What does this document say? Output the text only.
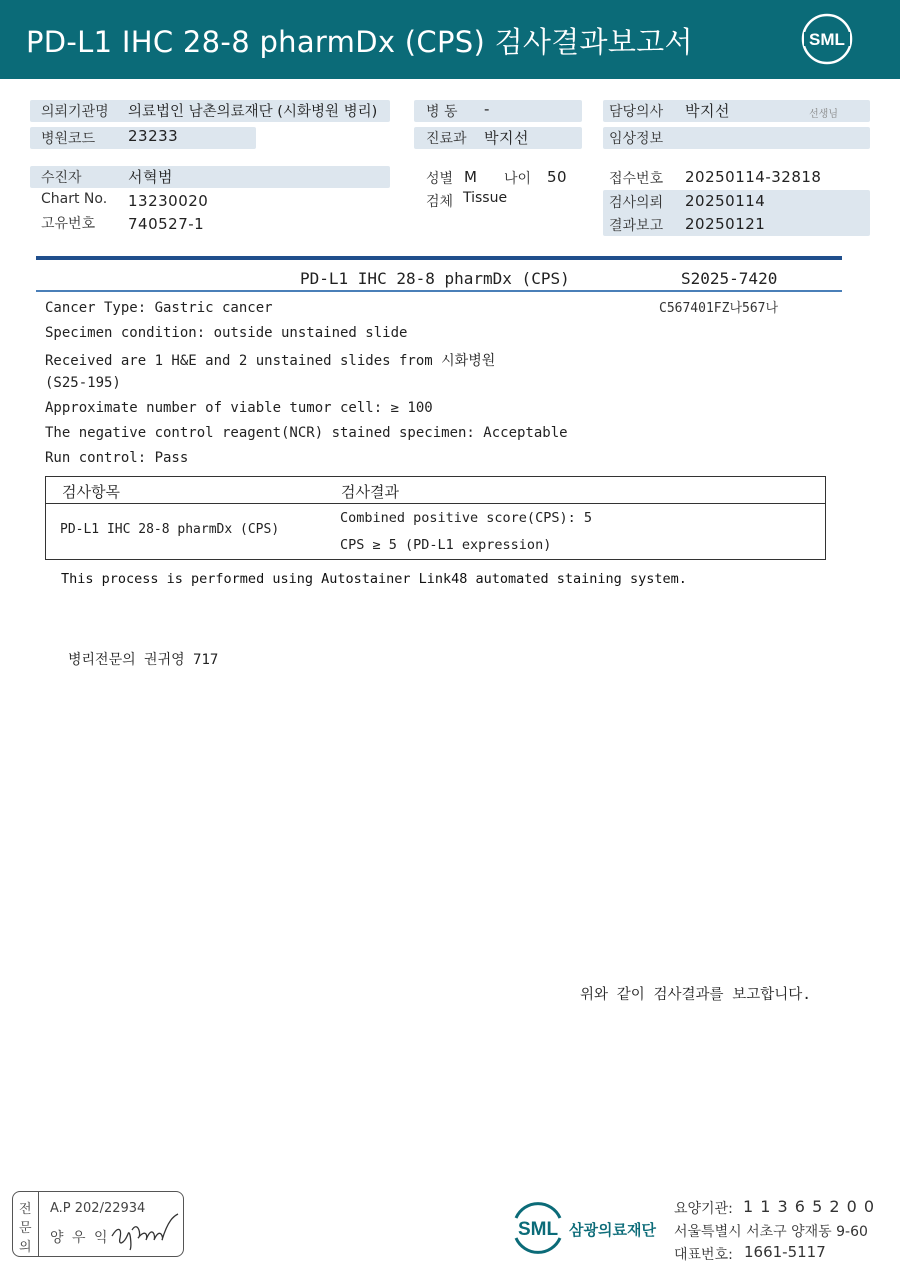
PD-L1 IHC 28-8 pharmDx (CPS) 검사결과보고서	SML
의뢰기관명 의료법인 남촌의료재단 (시화병원 병리)
병원코드 23233
병 동 -
진료과 박지선
담당의사 박지선	선생님
임상정보
수진자	서혁범
Chart No. 13230020
고유번호 740527-1
성별 M 나이 50
검체 Tissue
접수번호 20250114-32818
검사의뢰 20250114
결과보고 20250121
PD-L1 IHC 28-8 pharmDx (CPS)	S2025-7420
C567401FZ나567나
Cancer Type: Gastric cancer
Specimen condition: outside unstained slide
Received are 1 H&E and 2 unstained slides from 시화병원
(S25-195)
Approximate number of viable tumor cell: ≥ 100
The negative control reagent(NCR) stained specimen: Acceptable
Run control: Pass
검사항목	검사결과
PD-L1 IHC 28-8 pharmDx (CPS)
Combined positive score(CPS): 5
CPS ≥ 5 (PD-L1 expression)
This process is performed using Autostainer Link48 automated staining system.
병리전문의 권귀영 717
위와 같이 검사결과를 보고합니다.
전
문
의
A.P 202/22934
양 우 익	SML 삼광의료재단
요양기관: 1 1 3 6 5 2 0 0
서울특별시 서초구 양재동 9-60
대표번호: 1661-5117
